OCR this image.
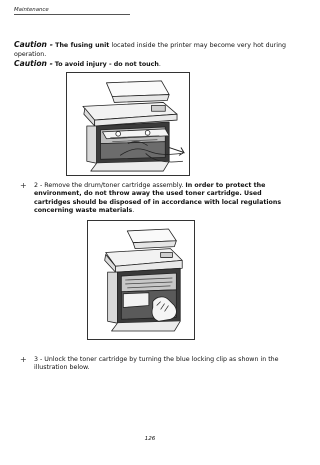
Maintenance

Caution - The fusing unit located inside the printer may become very hot during operation.

Caution - To avoid injury - do not touch.

+	2 - Remove the drum/toner cartridge assembly. In order to protect the environment, do not throw away the used toner cartridge. Used cartridges should be disposed of in accordance with local regulations concerning waste materials.
+	3 - Unlock the toner cartridge by turning the blue locking clip as shown in the illustration below.
126
